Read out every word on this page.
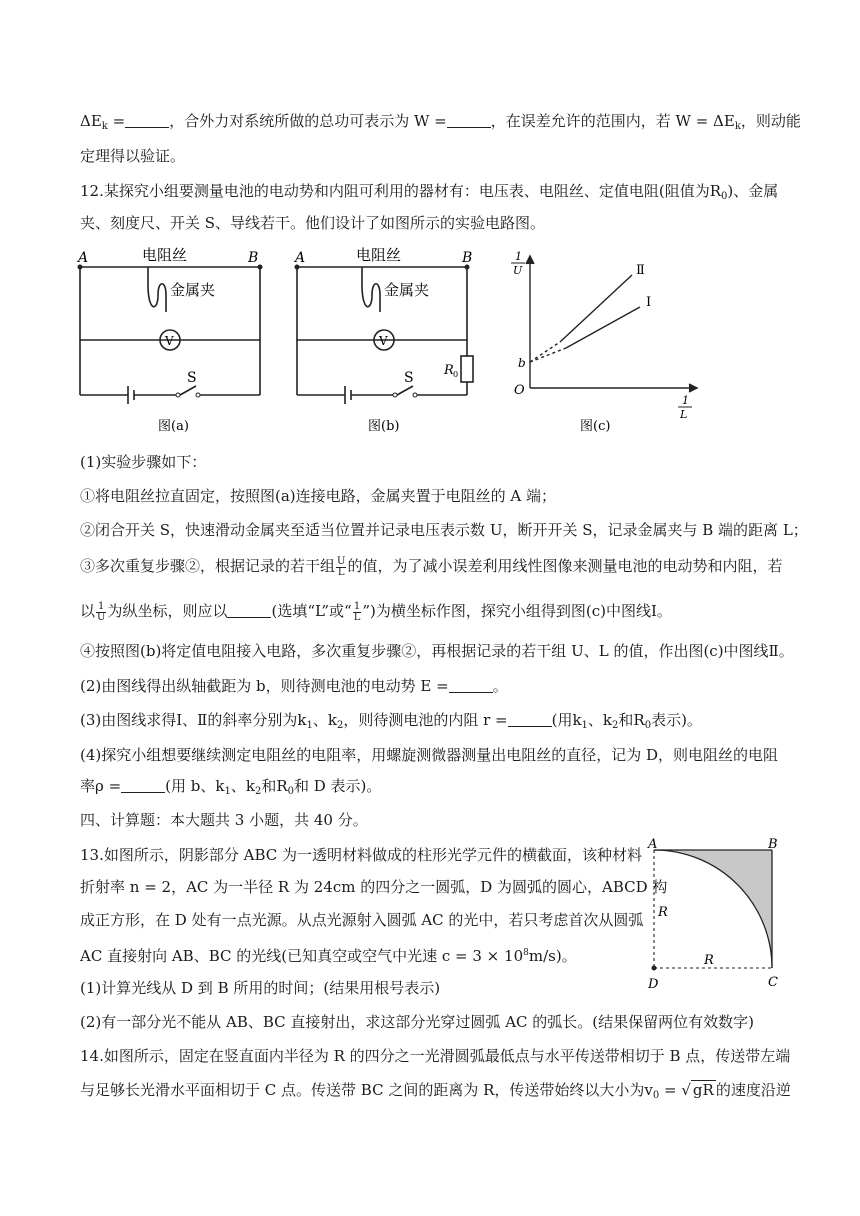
$\Delta E_k$ =	，合外力对系统所做的总功可表示为 W =	，在误差允许的范围内，若 $W = \Delta E_k$，则动能
定理得以验证。
12.某探究小组要测量电池的电动势和内阻可利用的器材有：电压表、电阻丝、定值电阻(阻值为$R_0$)、金属
夹、刻度尺、开关 S、导线若干。他们设计了如图所示的实验电路图。
A	B
电阻丝
金属夹
V
S
图(a)
A	B
电阻丝
金属夹
V
S R 0
图(b)
1
U
1
L
O
b
Ⅱ
Ⅰ
图(c)
(1)实验步骤如下：
①将电阻丝拉直固定，按照图(a)连接电路，金属夹置于电阻丝的 A 端；
②闭合开关 S，快速滑动金属夹至适当位置并记录电压表示数 U，断开开关 S，记录金属夹与 B 端的距离 L；
③多次重复步骤②，根据记录的若干组 $\frac{U}{L}$ 的值，为了减小误差利用线性图像来测量电池的电动势和内阻，若
以 $\frac{1}{U}$ 为纵坐标，则应以	(选填“L”或“ $\frac{1}{L}$ ”)为横坐标作图，探究小组得到图(c)中图线Ⅰ。
④按照图(b)将定值电阻接入电路，多次重复步骤②，再根据记录的若干组 U、L 的值，作出图(c)中图线Ⅱ。
(2)由图线得出纵轴截距为 b，则待测电池的电动势 E =	。
(3)由图线求得Ⅰ、Ⅱ的斜率分别为$k_1$、$k_2$，则待测电池的内阻 r =	(用$k_1$、$k_2$和$R_0$表示)。
(4)探究小组想要继续测定电阻丝的电阻率，用螺旋测微器测量出电阻丝的直径，记为 D，则电阻丝的电阻
率ρ =	(用 b、$k_1$、$k_2$和$R_0$和 D 表示)。
四、计算题：本大题共 3 小题，共 40 分。
13.如图所示，阴影部分 ABC 为一透明材料做成的柱形光学元件的横截面，该种材料
折射率 n = 2，AC 为一半径 R 为 24cm 的四分之一圆弧，D 为圆弧的圆心，ABCD 构
成正方形，在 D 处有一点光源。从点光源射入圆弧 AC 的光中，若只考虑首次从圆弧
AC 直接射向 AB、BC 的光线(已知真空或空气中光速 $c = 3 \times 10^8m/s$)。
(1)计算光线从 D 到 B 所用的时间；(结果用根号表示)
(2)有一部分光不能从 AB、BC 直接射出，求这部分光穿过圆弧 AC 的弧长。(结果保留两位有效数字)
A	B
C
D
R
R
14.如图所示，固定在竖直面内半径为 R 的四分之一光滑圆弧最低点与水平传送带相切于 B 点，传送带左端
与足够长光滑水平面相切于 C 点。传送带 BC 之间的距离为 R，传送带始终以大小为$v_0$ = √ gR 的速度沿逆
